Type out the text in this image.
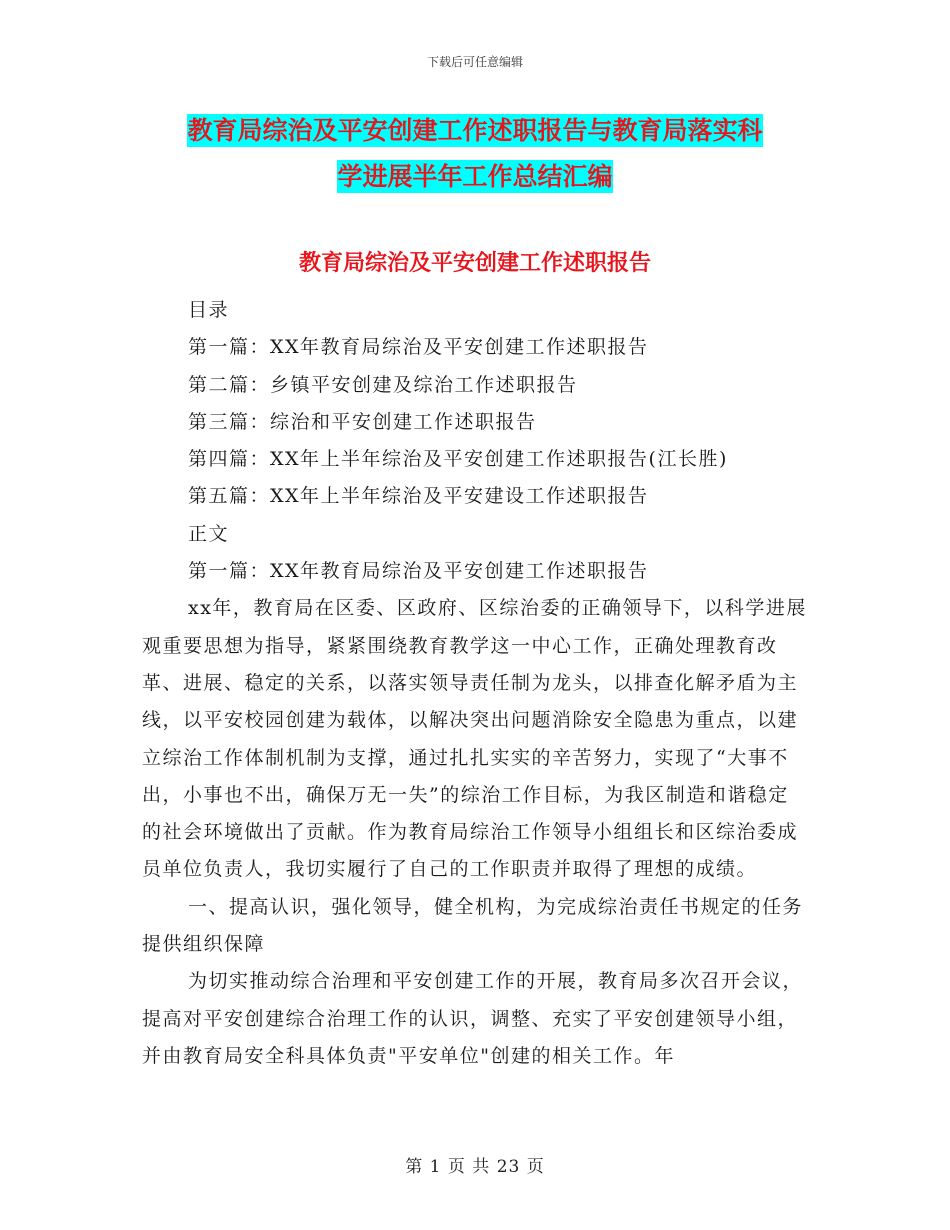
下载后可任意编辑
教育局综治及平安创建工作述职报告与教育局落实科
学进展半年工作总结汇编
教育局综治及平安创建工作述职报告

目录

第一篇：XX年教育局综治及平安创建工作述职报告

第二篇：乡镇平安创建及综治工作述职报告

第三篇：综治和平安创建工作述职报告

第四篇：XX年上半年综治及平安创建工作述职报告(江长胜)

第五篇：XX年上半年综治及平安建设工作述职报告

正文

第一篇：XX年教育局综治及平安创建工作述职报告

xx年，教育局在区委、区政府、区综治委的正确领导下，以科学进展观重要思想为指导，紧紧围绕教育教学这一中心工作，正确处理教育改革、进展、稳定的关系，以落实领导责任制为龙头，以排查化解矛盾为主线，以平安校园创建为载体，以解决突出问题消除安全隐患为重点，以建立综治工作体制机制为支撑，通过扎扎实实的辛苦努力，实现了“大事不出，小事也不出，确保万无一失”的综治工作目标，为我区制造和谐稳定的社会环境做出了贡献。作为教育局综治工作领导小组组长和区综治委成员单位负责人，我切实履行了自己的工作职责并取得了理想的成绩。

一、提高认识，强化领导，健全机构，为完成综治责任书规定的任务提供组织保障

为切实推动综合治理和平安创建工作的开展，教育局多次召开会议，提高对平安创建综合治理工作的认识，调整、充实了平安创建领导小组，并由教育局安全科具体负责"平安单位"创建的相关工作。年

第 1 页 共 23 页
